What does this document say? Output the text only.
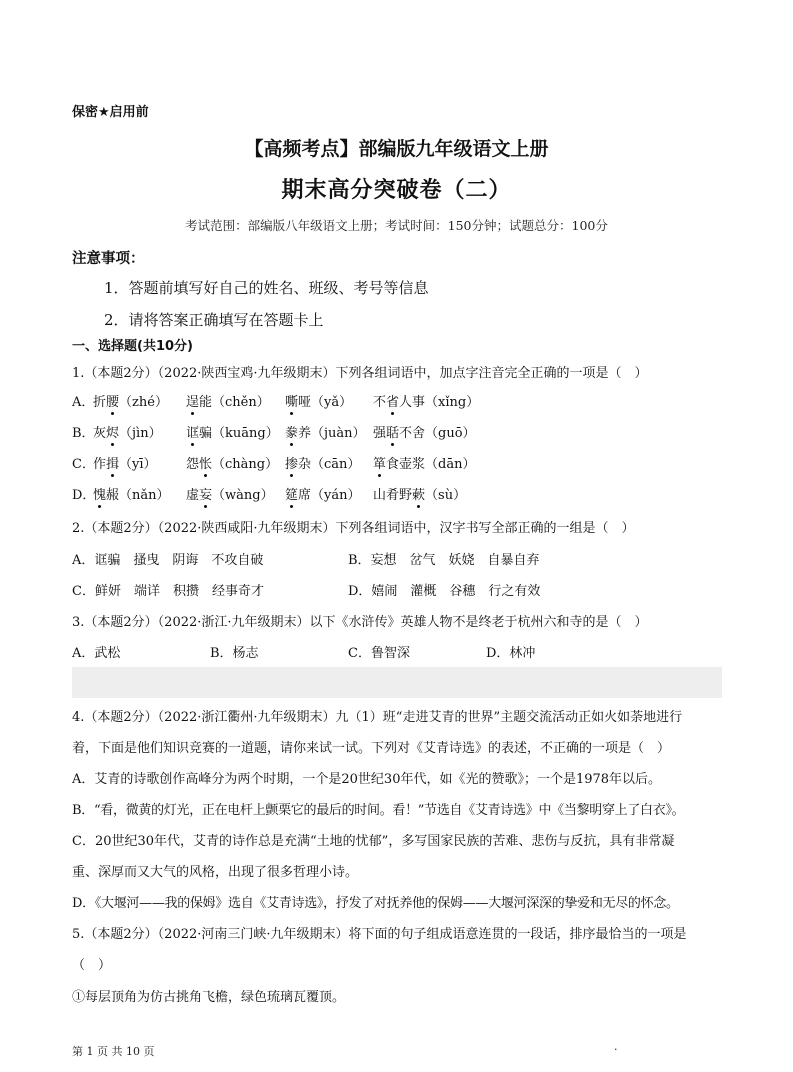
保密★启用前
【高频考点】部编版九年级语文上册
期末高分突破卷（二）
考试范围：部编版八年级语文上册；考试时间：150分钟；试题总分：100分
注意事项：
1．答题前填写好自己的姓名、班级、考号等信息
2．请将答案正确填写在答题卡上
一、选择题(共10分)
1.（本题2分）（2022·陕西宝鸡·九年级期末）下列各组词语中，加点字注音完全正确的一项是（　）
A．
折腰（zhé） 逞能（chěn） 嘶哑（yǎ） 不省人事（xǐng）
B．
灰烬（jìn） 诓骗（kuāng） 豢养（juàn） 强聒不舍（guō）
C．
作揖（yī） 怨怅（chàng） 掺杂（cān） 箪食壶浆（dān）
D．
愧赧（nǎn） 虚妄（wàng） 筵席（yán） 山肴野蔌（sù）
2.（本题2分）（2022·陕西咸阳·九年级期末）下列各组词语中，汉字书写全部正确的一组是（　）
A．诓骗　搔曳　阴诲　不攻自破	B．妄想　岔气　妖娆　自暴自弃
C．鲜妍　端详　积攒　经事奇才	D．嬉闹　灌概　谷穗　行之有效
3.（本题2分）（2022·浙江·九年级期末）以下《水浒传》英雄人物不是终老于杭州六和寺的是（　）
A．武松	B．杨志	C．鲁智深	D．林冲
4.（本题2分）（2022·浙江衢州·九年级期末）九（1）班“走进艾青的世界”主题交流活动正如火如荼地进行
着，下面是他们知识竞赛的一道题，请你来试一试。下列对《艾青诗选》的表述，不正确的一项是（　）
A．艾青的诗歌创作高峰分为两个时期，一个是20世纪30年代，如《光的赞歌》；一个是1978年以后。
B．“看，微黄的灯光，正在电杆上颤栗它的最后的时间。看！”节选自《艾青诗选》中《当黎明穿上了白衣》。
C．20世纪30年代，艾青的诗作总是充满“土地的忧郁”，多写国家民族的苦难、悲伤与反抗，具有非常凝
重、深厚而又大气的风格，出现了很多哲理小诗。
D．《大堰河——我的保姆》选自《艾青诗选》，抒发了对抚养他的保姆——大堰河深深的挚爱和无尽的怀念。
5.（本题2分）（2022·河南三门峡·九年级期末）将下面的句子组成语意连贯的一段话，排序最恰当的一项是
（　）
①每层顶角为仿古挑角飞檐，绿色琉璃瓦覆顶。
第 1 页 共 10 页	.
